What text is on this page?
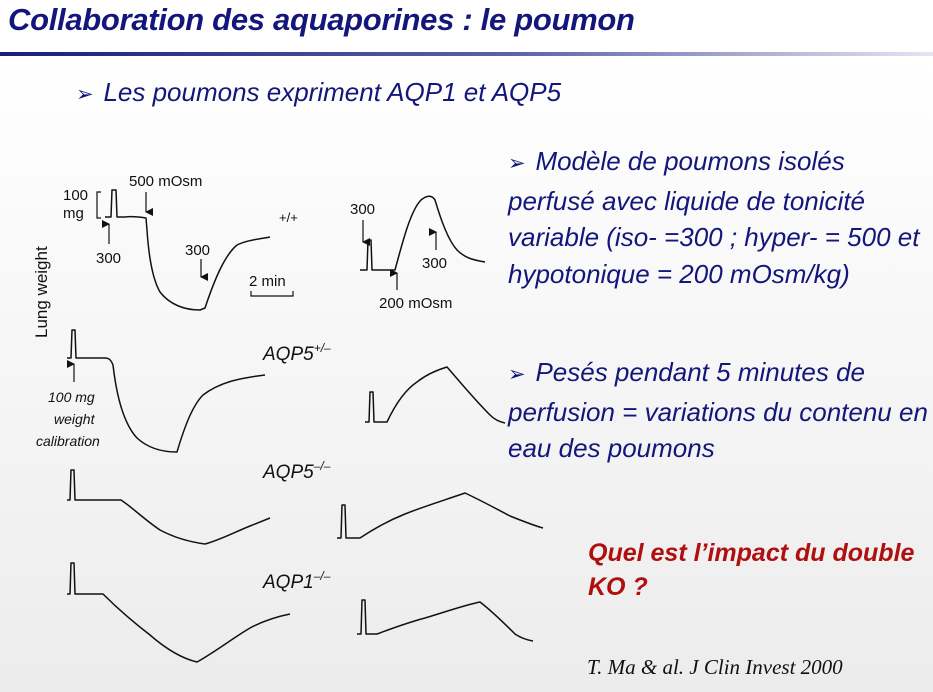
Collaboration des aquaporines : le poumon
➢ Les poumons expriment AQP1 et AQP5
➢ Modèle de poumons isolés perfusé avec liquide de tonicité variable (iso- =300 ; hyper- = 500 et hypotonique = 200 mOsm/kg)
➢ Pesés pendant 5 minutes de perfusion = variations du contenu en eau des poumons
Quel est l’impact du double KO ?
T. Ma & al. J Clin Invest 2000
Lung weight
100
mg
300
500 mOsm
300
2 min
+/+	300
200 mOsm
300
AQP5+/–
100 mg
weight
calibration
AQP5–/–
AQP1–/–
